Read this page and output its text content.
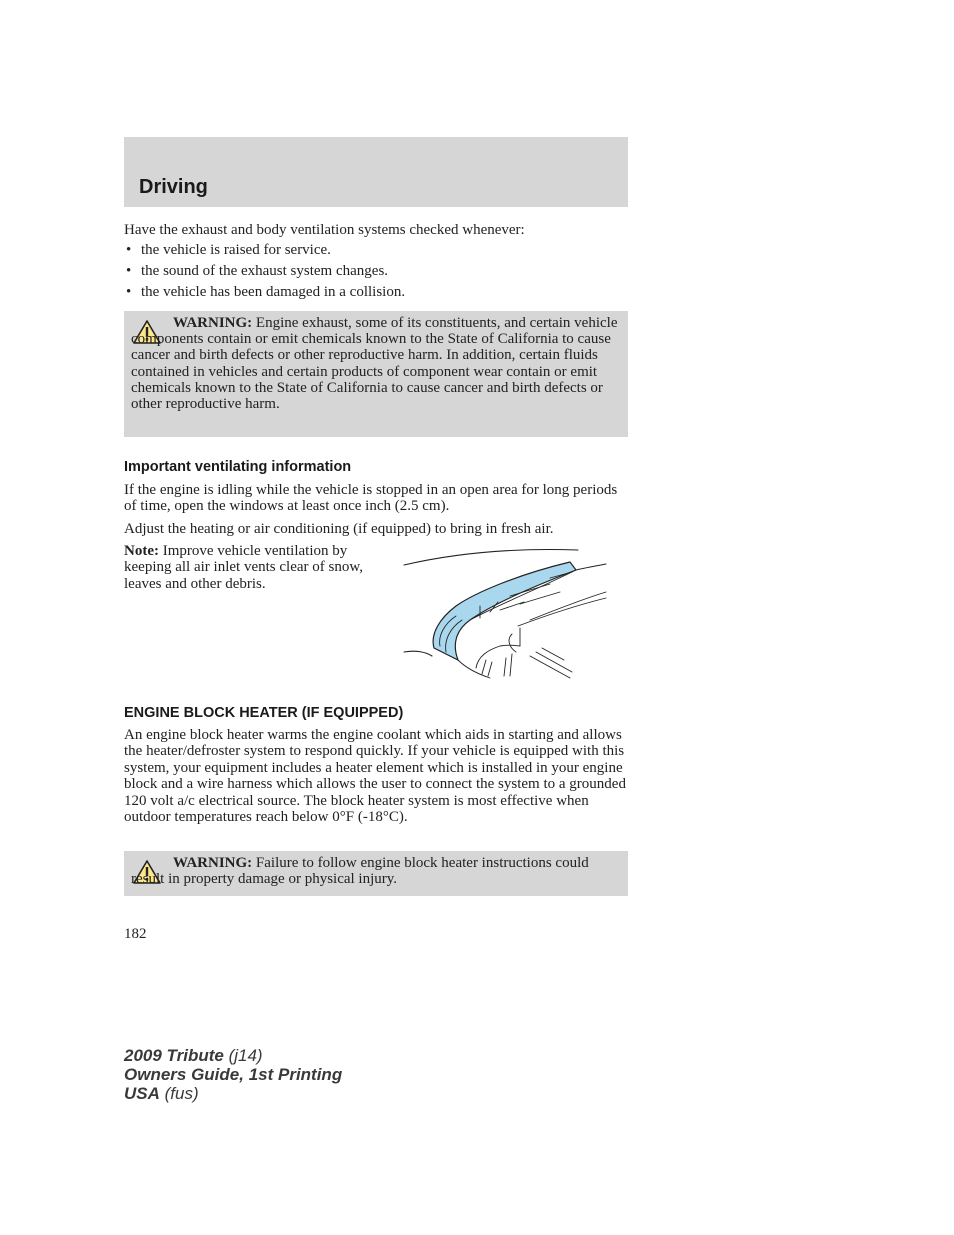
Driving

Have the exhaust and body ventilation systems checked whenever:

• the vehicle is raised for service.
• the sound of the exhaust system changes.
• the vehicle has been damaged in a collision.
WARNING: Engine exhaust, some of its constituents, and certain vehicle components contain or emit chemicals known to the State of California to cause cancer and birth defects or other reproductive harm. In addition, certain fluids contained in vehicles and certain products of component wear contain or emit chemicals known to the State of California to cause cancer and birth defects or other reproductive harm.
Important ventilating information

If the engine is idling while the vehicle is stopped in an open area for long periods of time, open the windows at least once inch (2.5 cm).

Adjust the heating or air conditioning (if equipped) to bring in fresh air.

Note: Improve vehicle ventilation by keeping all air inlet vents clear of snow, leaves and other debris.

ENGINE BLOCK HEATER (IF EQUIPPED)

An engine block heater warms the engine coolant which aids in starting and allows the heater/defroster system to respond quickly. If your vehicle is equipped with this system, your equipment includes a heater element which is installed in your engine block and a wire harness which allows the user to connect the system to a grounded 120 volt a/c electrical source. The block heater system is most effective when outdoor temperatures reach below 0°F (-18°C).

WARNING: Failure to follow engine block heater instructions could result in property damage or physical injury.
182
2009 Tribute (j14)
Owners Guide, 1st Printing
USA (fus)
